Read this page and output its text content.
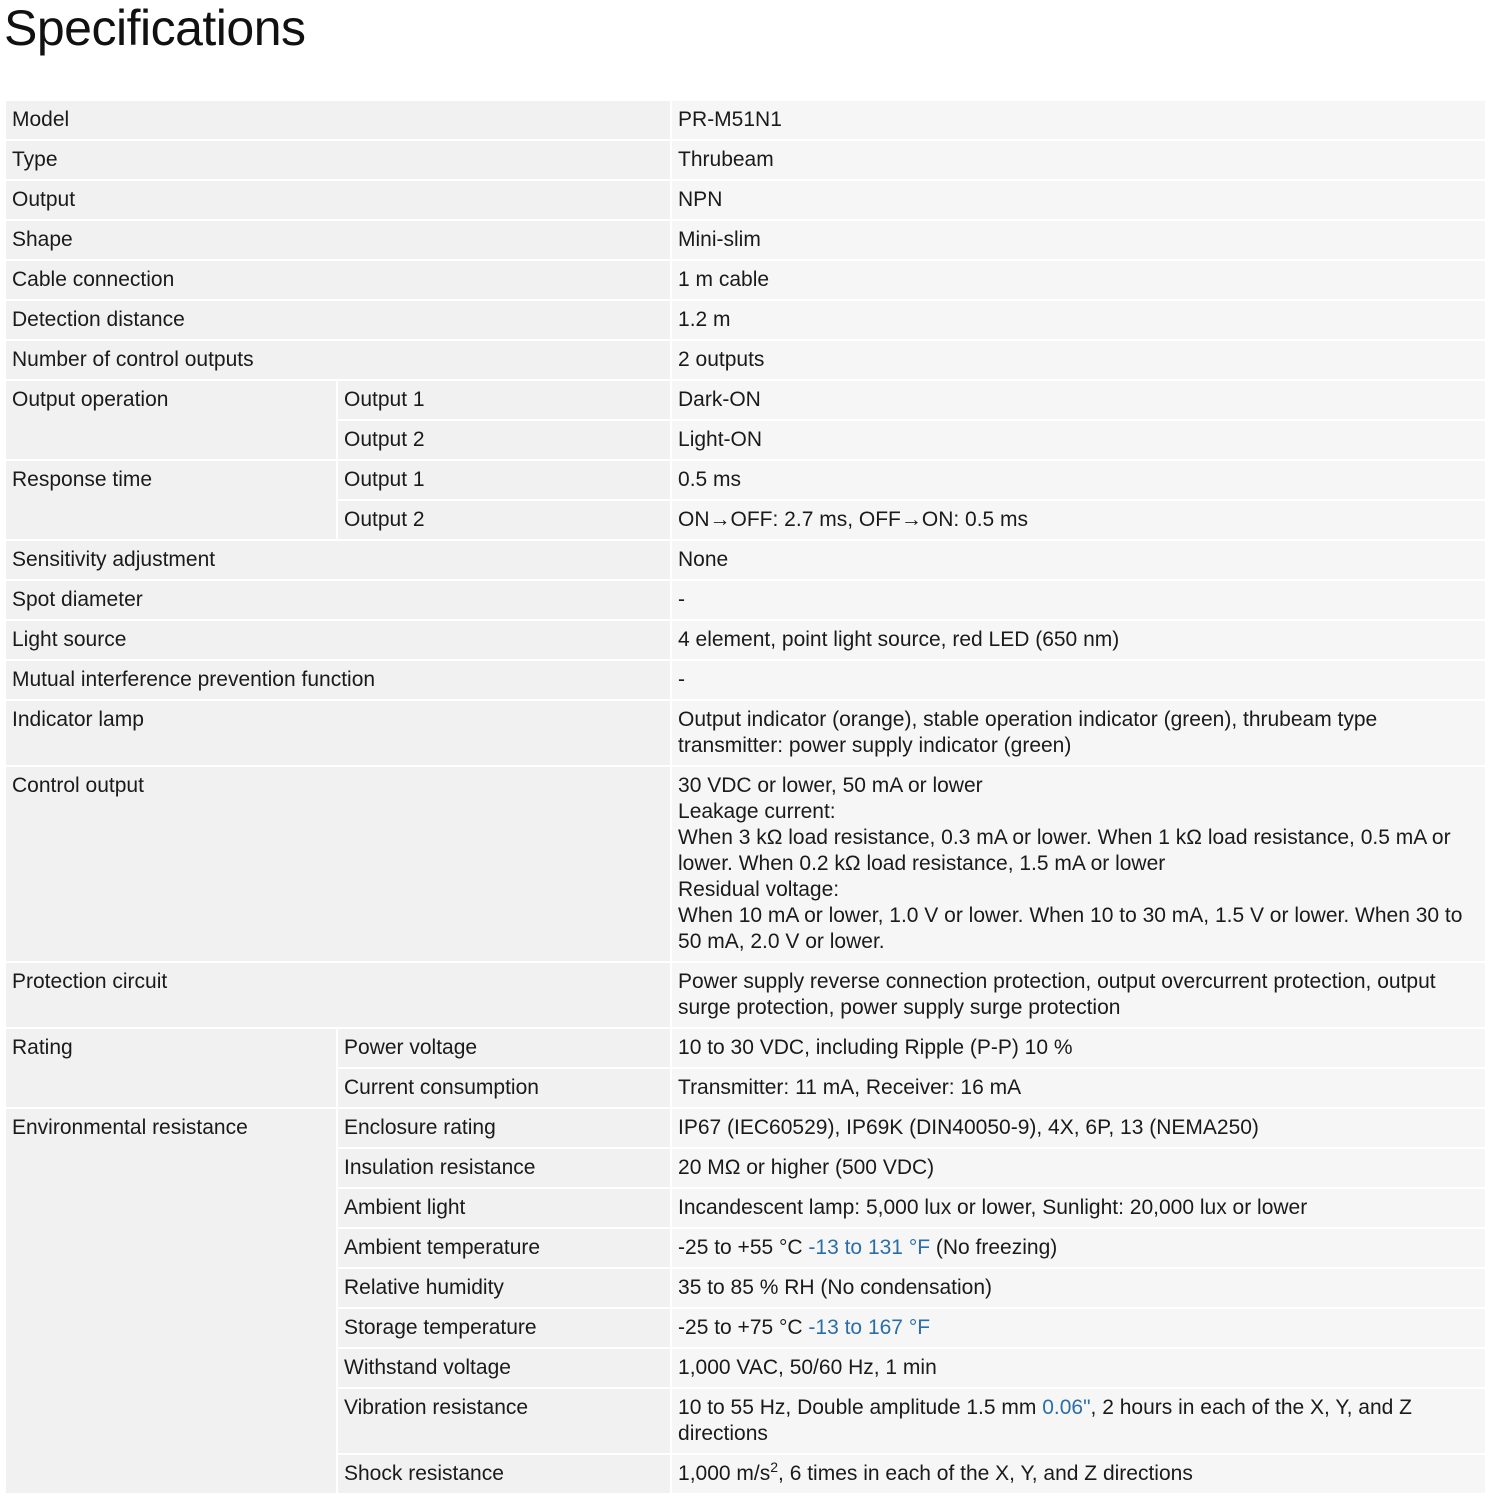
Specifications
Model		PR-M51N1
Type		Thrubeam
Output		NPN
Shape		Mini-slim
Cable connection		1 m cable
Detection distance		1.2 m
Number of control outputs		2 outputs
Output operation	Output 1	Dark-ON
	Output 2	Light-ON
Response time	Output 1	0.5 ms
	Output 2	ON→OFF: 2.7 ms, OFF→ON: 0.5 ms
Sensitivity adjustment		None
Spot diameter		-
Light source		4 element, point light source, red LED (650 nm)
Mutual interference prevention function		-
Indicator lamp		Output indicator (orange), stable operation indicator (green), thrubeam type transmitter: power supply indicator (green)
Control output		30 VDC or lower, 50 mA or lower
Leakage current:
When 3 kΩ load resistance, 0.3 mA or lower. When 1 kΩ load resistance, 0.5 mA or lower. When 0.2 kΩ load resistance, 1.5 mA or lower
Residual voltage:
When 10 mA or lower, 1.0 V or lower. When 10 to 30 mA, 1.5 V or lower. When 30 to 50 mA, 2.0 V or lower.

Protection circuit		Power supply reverse connection protection, output overcurrent protection, output surge protection, power supply surge protection
Rating	Power voltage	10 to 30 VDC, including Ripple (P-P) 10 %
	Current consumption	Transmitter: 11 mA, Receiver: 16 mA
Environmental resistance	Enclosure rating	IP67 (IEC60529), IP69K (DIN40050-9), 4X, 6P, 13 (NEMA250)
	Insulation resistance	20 MΩ or higher (500 VDC)
	Ambient light	Incandescent lamp: 5,000 lux or lower, Sunlight: 20,000 lux or lower
	Ambient temperature	-25 to +55 °C -13 to 131 °F (No freezing)
	Relative humidity	35 to 85 % RH (No condensation)
	Storage temperature	-25 to +75 °C -13 to 167 °F
	Withstand voltage	1,000 VAC, 50/60 Hz, 1 min
	Vibration resistance	10 to 55 Hz, Double amplitude 1.5 mm 0.06", 2 hours in each of the X, Y, and Z directions
	Shock resistance	1,000 $m/s^2$, 6 times in each of the X, Y, and Z directions
